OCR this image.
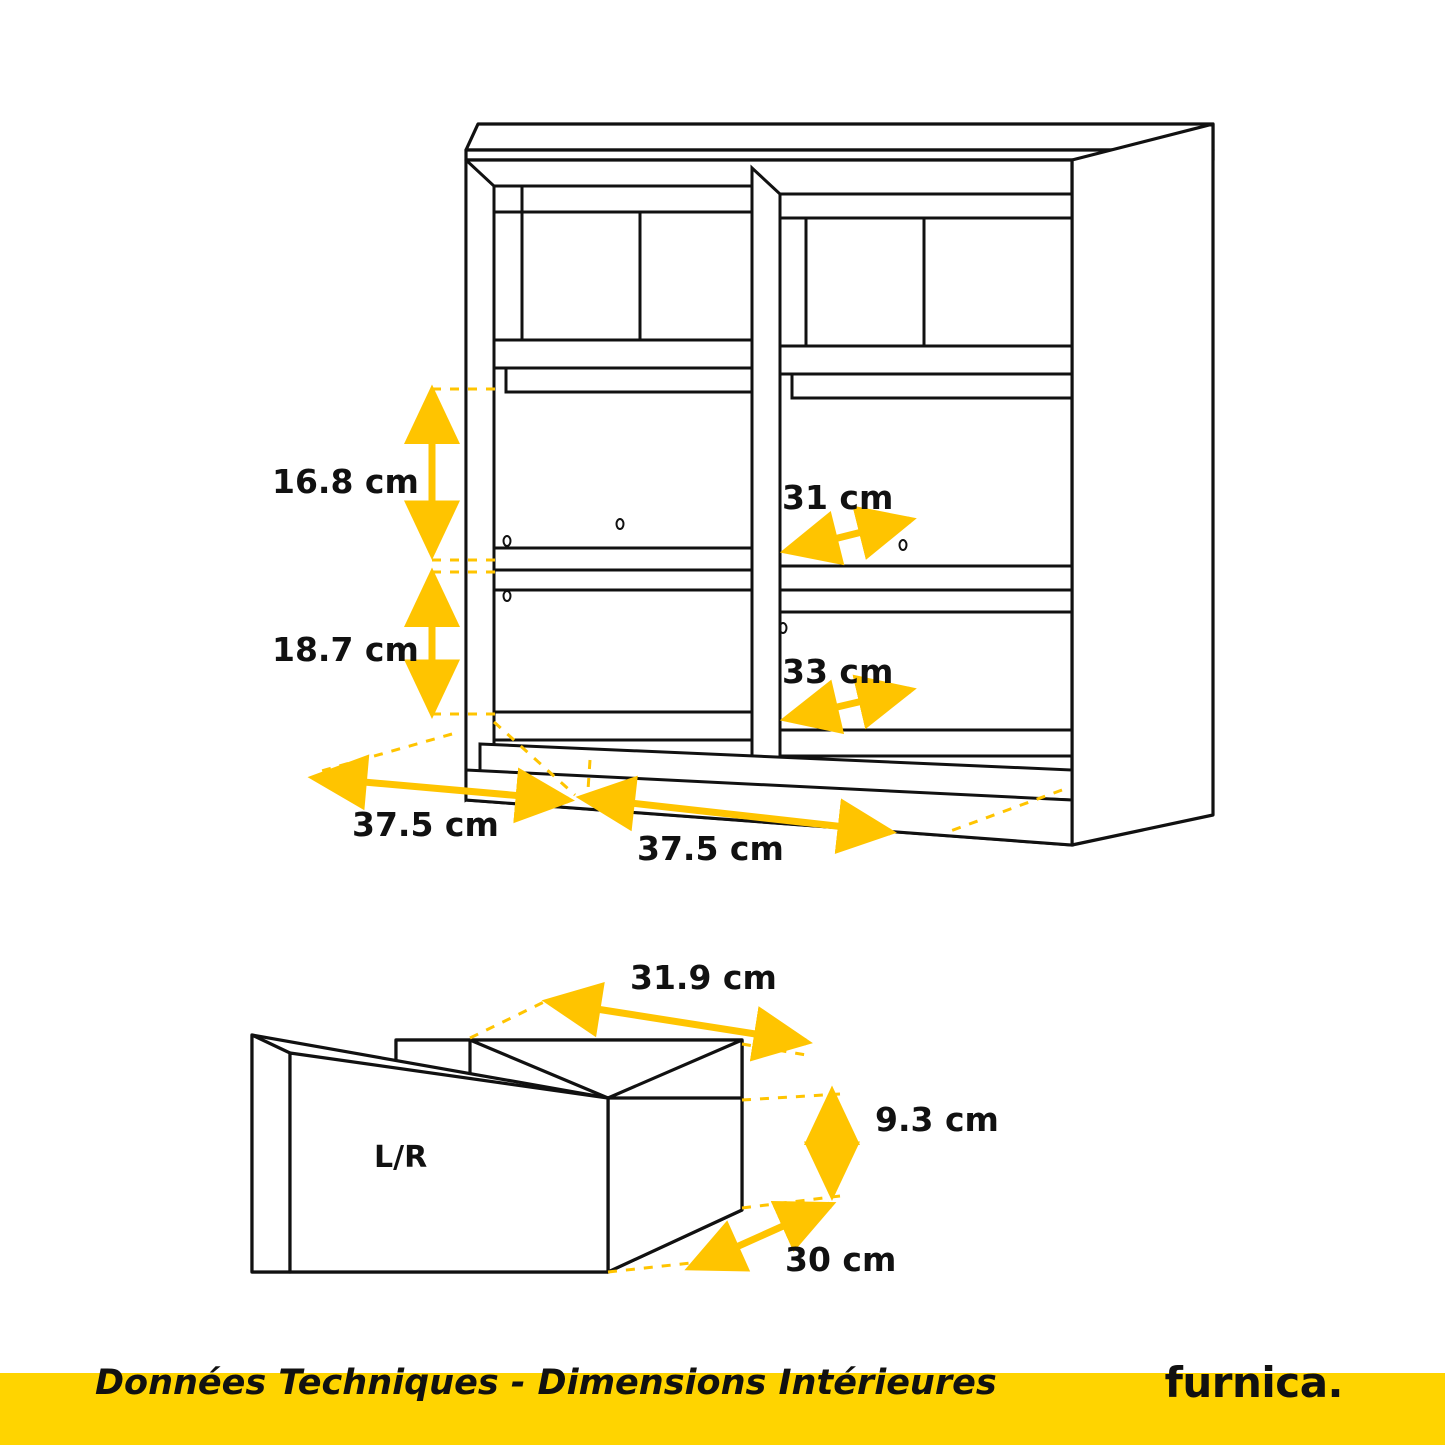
16.8 cm
18.7 cm
31 cm
33 cm
37.5 cm
37.5 cm
31.9 cm
9.3 cm
30 cm
L/R
Données Techniques - Dimensions Intérieures	furnica.
